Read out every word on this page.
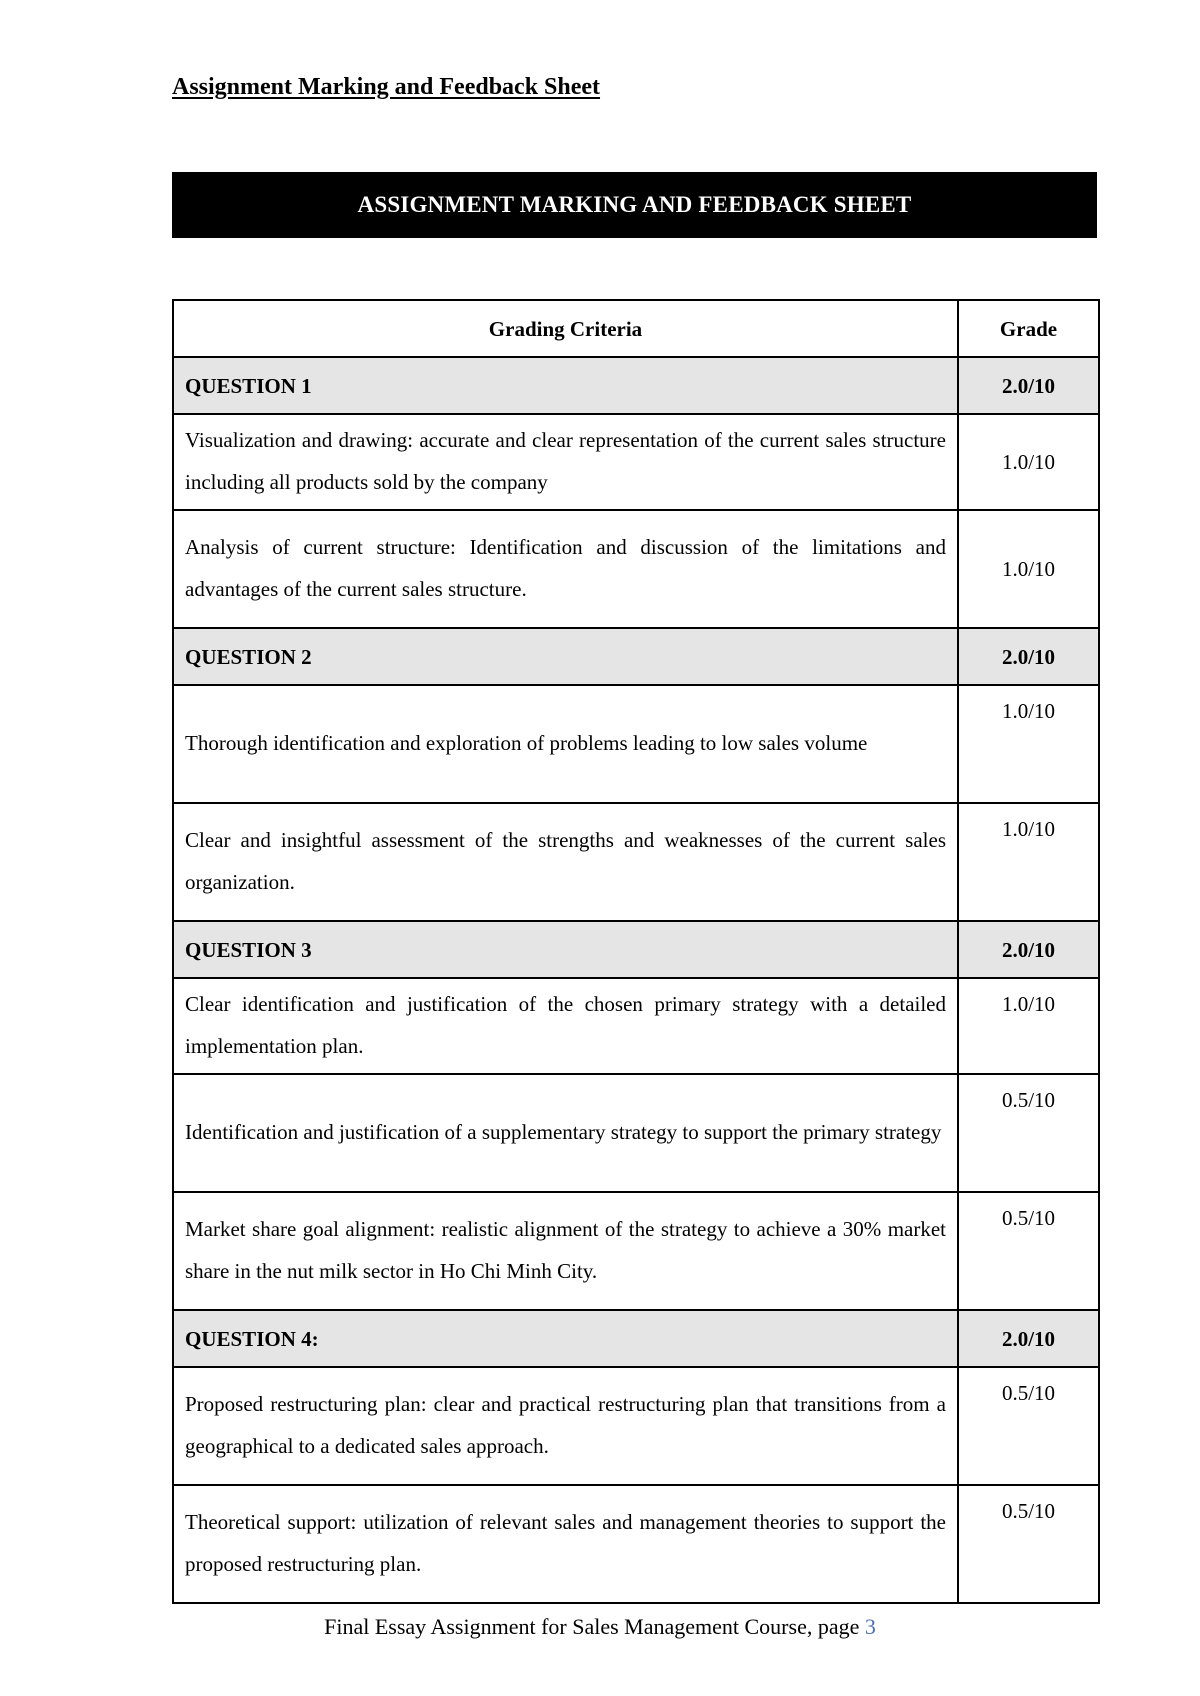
Assignment Marking and Feedback Sheet
ASSIGNMENT MARKING AND FEEDBACK SHEET
Grading Criteria	Grade
QUESTION 1	2.0/10
Visualization and drawing: accurate and clear representation of the current sales structure including all products sold by the company	1.0/10
Analysis of current structure: Identification and discussion of the limitations and advantages of the current sales structure.	1.0/10
QUESTION 2	2.0/10
Thorough identification and exploration of problems leading to low sales volume	1.0/10
Clear and insightful assessment of the strengths and weaknesses of the current sales organization.	1.0/10
QUESTION 3	2.0/10
Clear identification and justification of the chosen primary strategy with a detailed implementation plan.	1.0/10
Identification and justification of a supplementary strategy to support the primary strategy	0.5/10
Market share goal alignment: realistic alignment of the strategy to achieve a 30% market share in the nut milk sector in Ho Chi Minh City.	0.5/10
QUESTION 4:	2.0/10
Proposed restructuring plan: clear and practical restructuring plan that transitions from a geographical to a dedicated sales approach.	0.5/10
Theoretical support: utilization of relevant sales and management theories to support the proposed restructuring plan.	0.5/10

Final Essay Assignment for Sales Management Course, page 3
